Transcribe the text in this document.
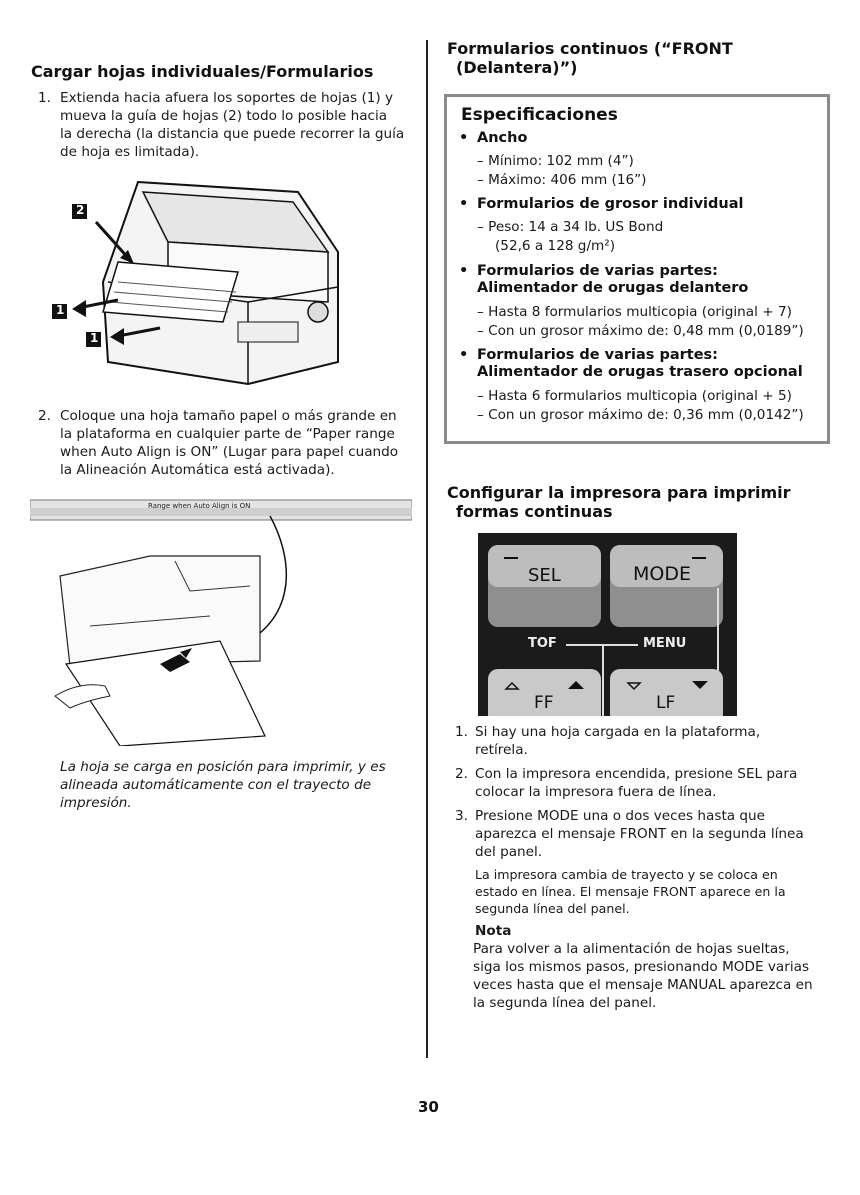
Cargar hojas individuales/Formularios
1. Extienda hacia afuera los soportes de hojas (1) y
mueva la guía de hojas (2) todo lo posible hacia
la derecha (la distancia que puede recorrer la guía
de hoja es limitada).
2
1
1
2. Coloque una hoja tamaño papel o más grande en
la plataforma en cualquier parte de “Paper range
when Auto Align is ON” (Lugar para papel cuando
la Alineación Automática está activada).
Range when Auto Align is ON
La hoja se carga en posición para imprimir, y es
alineada automáticamente con el trayecto de
impresión.
Formularios continuos (“FRONT
(Delantera)”)
Especificaciones
• Ancho
– Mínimo: 102 mm (4”)
– Máximo: 406 mm (16”)
• Formularios de grosor individual
– Peso: 14 a 34 lb. US Bond
(52,6 a 128 g/m²)
• Formularios de varias partes:
Alimentador de orugas delantero
– Hasta 8 formularios multicopia (original + 7)
– Con un grosor máximo de: 0,48 mm (0,0189”)
• Formularios de varias partes:
Alimentador de orugas trasero opcional
– Hasta 6 formularios multicopia (original + 5)
– Con un grosor máximo de: 0,36 mm (0,0142”)
Configurar la impresora para imprimir
formas continuas
SEL	MODE
TOF	MENU
FF	LF
1. Si hay una hoja cargada en la plataforma,
retírela.
2. Con la impresora encendida, presione SEL para
colocar la impresora fuera de línea.
3. Presione MODE una o dos veces hasta que
aparezca el mensaje FRONT en la segunda línea
del panel.
La impresora cambia de trayecto y se coloca en
estado en línea. El mensaje FRONT aparece en la
segunda línea del panel.
Nota
Para volver a la alimentación de hojas sueltas,
siga los mismos pasos, presionando MODE varias
veces hasta que el mensaje MANUAL aparezca en
la segunda línea del panel.
30
